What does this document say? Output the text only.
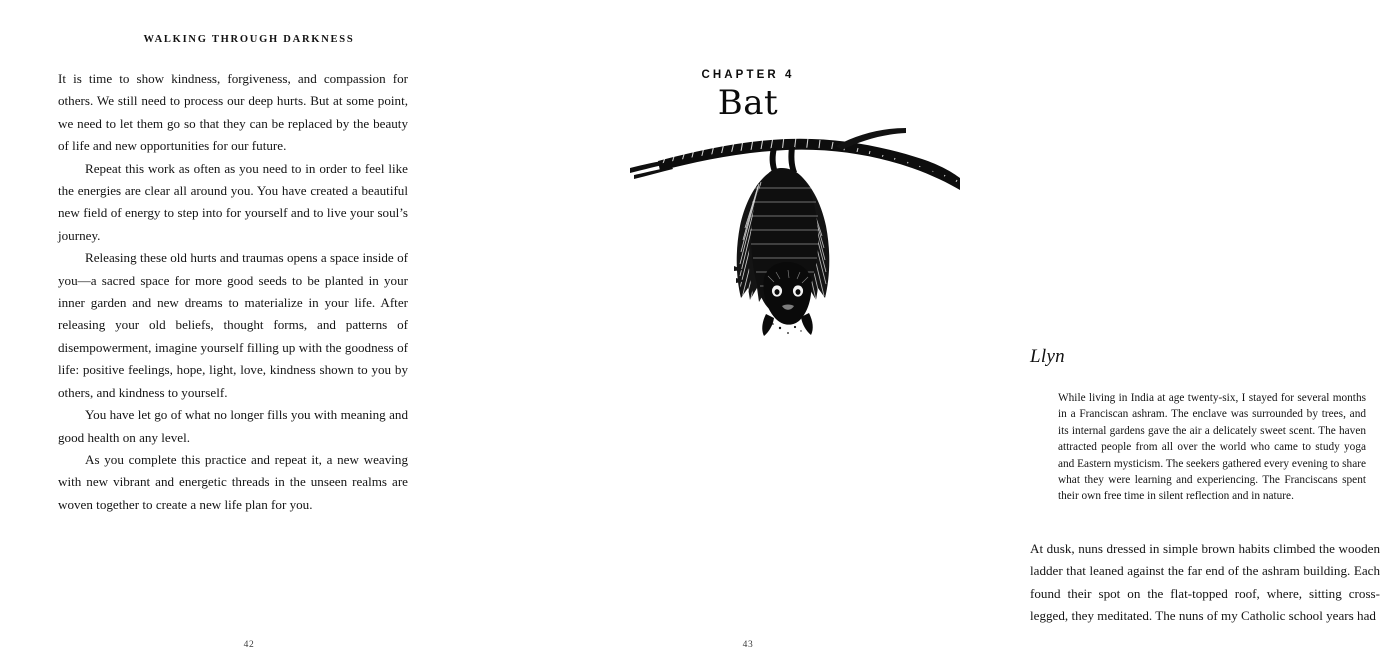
WALKING THROUGH DARKNESS

It is time to show kindness, forgiveness, and compassion for others. We still need to process our deep hurts. But at some point, we need to let them go so that they can be replaced by the beauty of life and new opportunities for our future.

Repeat this work as often as you need to in order to feel like the energies are clear all around you. You have created a beautiful new field of energy to step into for yourself and to live your soul’s journey.

Releasing these old hurts and traumas opens a space inside of you—a sacred space for more good seeds to be planted in your inner garden and new dreams to materialize in your life. After releasing your old beliefs, thought forms, and patterns of disempowerment, imagine yourself filling up with the goodness of life: positive feelings, hope, light, love, kindness shown to you by others, and kindness to yourself.

You have let go of what no longer fills you with meaning and good health on any level.

As you complete this practice and repeat it, a new weaving with new vibrant and energetic threads in the unseen realms are woven together to create a new life plan for you.

42
CHAPTER 4
Bat
Llyn

While living in India at age twenty-six, I stayed for several months in a Franciscan ashram. The enclave was surrounded by trees, and its internal gardens gave the air a delicately sweet scent. The haven attracted people from all over the world who came to study yoga and Eastern mysticism. The seekers gathered every evening to share what they were learning and experiencing. The Franciscans spent their own free time in silent reflection and in nature.

At dusk, nuns dressed in simple brown habits climbed the wooden ladder that leaned against the far end of the ashram building. Each found their spot on the flat-topped roof, where, sitting cross-legged, they meditated. The nuns of my Catholic school years had

43
